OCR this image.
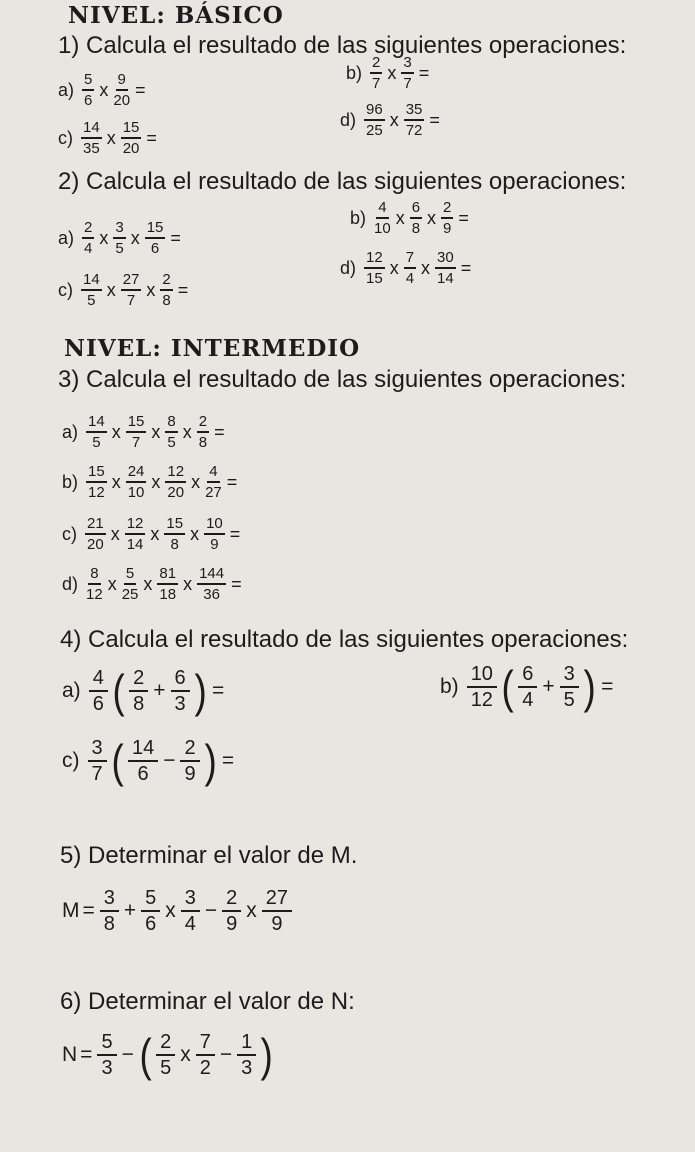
NIVEL: BÁSICO
1) Calcula el resultado de las siguientes operaciones:
$a) \frac{5}{6}$ x $\frac{9}{20}$ =
$b) \frac{2}{7}$ x $\frac{3}{7}$ =
$c) \frac{14}{35}$ x $\frac{15}{20}$ =
$d) \frac{96}{25}$ x $\frac{35}{72}$ =
2) Calcula el resultado de las siguientes operaciones:
$a) \frac{2}{4}$ x $\frac{3}{5}$ x $\frac{15}{6}$ =
$b) \frac{4}{10}$ x $\frac{6}{8}$ x $\frac{2}{9}$ =
$c) \frac{14}{5}$ x $\frac{27}{7}$ x $\frac{2}{8}$ =
$d) \frac{12}{15}$ x $\frac{7}{4}$ x $\frac{30}{14}$ =
NIVEL: INTERMEDIO
3) Calcula el resultado de las siguientes operaciones:
$a) \frac{14}{5}$ x $\frac{15}{7}$ x $\frac{8}{5}$ x $\frac{2}{8}$ =
$b) \frac{15}{12}$ x $\frac{24}{10}$ x $\frac{12}{20}$ x $\frac{4}{27}$ =
$c) \frac{21}{20}$ x $\frac{12}{14}$ x $\frac{15}{8}$ x $\frac{10}{9}$ =
$d) \frac{8}{12}$ x $\frac{5}{25}$ x $\frac{81}{18}$ x $\frac{144}{36}$ =
4) Calcula el resultado de las siguientes operaciones:
$a) \frac{4}{6}$ ( $\frac{2}{8} + \frac{6}{3}$ ) =	$b) \frac{10}{12}$ ( $\frac{6}{4} + \frac{3}{5}$ ) =
$c) \frac{3}{7}$ ( $\frac{14}{6} - \frac{2}{9}$ ) =
5) Determinar el valor de M.
$M = \frac{3}{8} + \frac{5}{6}$ x $\frac{3}{4} - \frac{2}{9}$ x $\frac{27}{9}$
6) Determinar el valor de N:
$N = \frac{5}{3}$ − ( $\frac{2}{5}$ x $\frac{7}{2} - \frac{1}{3}$ )
